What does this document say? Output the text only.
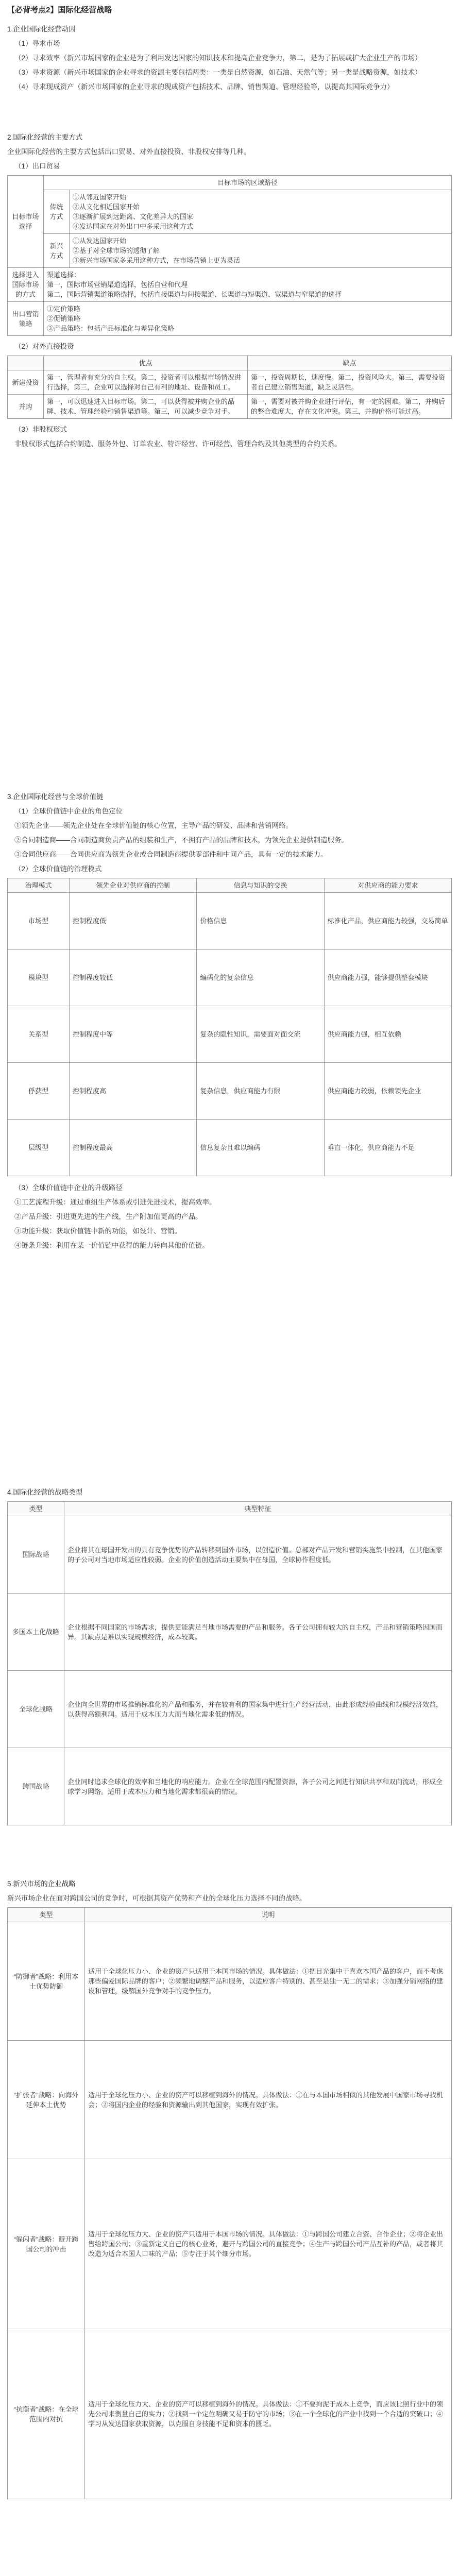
【必背考点2】国际化经营战略
1.企业国际化经营动因
（1）寻求市场
（2）寻求效率（新兴市场国家的企业是为了利用发达国家的知识技术和提高企业竞争力，第二，是为了拓展或扩大企业生产的市场）
（3）寻求资源（新兴市场国家的企业寻求的资源主要包括两类：一类是自然资源，如石油、天然气等；另一类是战略资源，如技术）
（4）寻求现成资产（新兴市场国家的企业寻求的现成资产包括技术、品牌、销售渠道、管理经验等，以提高其国际竞争力）
2.国际化经营的主要方式
企业国际化经营的主要方式包括出口贸易、对外直接投资、非股权安排等几种。
（1）出口贸易
目标市场选择	目标市场的区域路径	
	传统方式	①从邻近国家开始
②从文化相近国家开始
③逐渐扩展到远距离、文化差异大的国家
④发达国家在对外出口中多采用这种方式

	新兴方式	①从发达国家开始
②基于对全球市场的透彻了解
③新兴市场国家多采用这种方式，在市场营销上更为灵活

选择进入国际市场的方式	渠道选择：
第一，国际市场营销渠道选择，包括自营和代理
第二，国际营销渠道策略选择，包括直接渠道与间接渠道、长渠道与短渠道、宽渠道与窄渠道的选择	

出口营销策略	①定价策略
②促销策略
③产品策略：包括产品标准化与差异化策略	
（2）对外直接投资
	优点	缺点
新建投资	第一，管理者有充分的自主权。第二，投资者可以根据市场情况进行选择，第三，企业可以选择对自己有利的地址、设备和员工。	第一，投资周期长，速度慢。第二，投资风险大。第三，需要投资者自己建立销售渠道，缺乏灵活性。
并购	第一，可以迅速进入目标市场。第二，可以获得被并购企业的品牌、技术、管理经验和销售渠道等。第三，可以减少竞争对手。	第一，需要对被并购企业进行评估，有一定的困难。第二，并购后的整合难度大，存在文化冲突。第三，并购价格可能过高。
（3）非股权形式
非股权形式包括合约制造、服务外包、订单农业、特许经营、许可经营、管理合约及其他类型的合约关系。
3.企业国际化经营与全球价值链
（1）全球价值链中企业的角色定位
①领先企业——领先企业处在全球价值链的核心位置，主导产品的研发、品牌和营销网络。
②合同制造商——合同制造商负责产品的组装和生产，不拥有产品的品牌和技术，为领先企业提供制造服务。
③合同供应商——合同供应商为领先企业或合同制造商提供零部件和中间产品，具有一定的技术能力。
（2）全球价值链的治理模式
治理模式	领先企业对供应商的控制	信息与知识的交换	对供应商的能力要求
市场型	控制程度低	价格信息	标准化产品，供应商能力较强，交易简单
模块型	控制程度较低	编码化的复杂信息	供应商能力强，能够提供整套模块
关系型	控制程度中等	复杂的隐性知识，需要面对面交流	供应商能力强，相互依赖
俘获型	控制程度高	复杂信息，供应商能力有限	供应商能力较弱，依赖领先企业
层级型	控制程度最高	信息复杂且难以编码	垂直一体化，供应商能力不足
（3）全球价值链中企业的升级路径
①工艺流程升级：通过重组生产体系或引进先进技术，提高效率。
②产品升级：引进更先进的生产线，生产附加值更高的产品。
③功能升级：获取价值链中新的功能，如设计、营销。
④链条升级：利用在某一价值链中获得的能力转向其他价值链。
4.国际化经营的战略类型
类型	典型特征
国际战略	企业将其在母国开发出的具有竞争优势的产品转移到国外市场，以创造价值。总部对产品开发和营销实施集中控制，在其他国家的子公司对当地市场适应性较弱。企业的价值创造活动主要集中在母国，全球协作程度低。
多国本土化战略	企业根据不同国家的市场需求，提供更能满足当地市场需要的产品和服务。各子公司拥有较大的自主权，产品和营销策略因国而异。其缺点是难以实现规模经济，成本较高。
全球化战略	企业向全世界的市场推销标准化的产品和服务，并在较有利的国家集中进行生产经营活动，由此形成经验曲线和规模经济效益，以获得高额利润。适用于成本压力大而当地化需求低的情况。
跨国战略	企业同时追求全球化的效率和当地化的响应能力。企业在全球范围内配置资源，各子公司之间进行知识共享和双向流动，形成全球学习网络。适用于成本压力和当地化需求都很高的情况。
5.新兴市场的企业战略
新兴市场企业在面对跨国公司的竞争时，可根据其资产优势和产业的全球化压力选择不同的战略。
类型	说明
“防御者”战略：利用本土优势防御	适用于全球化压力小、企业的资产只适用于本国市场的情况。具体做法：①把目光集中于喜欢本国产品的客户，而不考虑那些偏爱国际品牌的客户；②频繁地调整产品和服务，以适应客户特别的、甚至是独一无二的需求；③加强分销网络的建设和管理，缓解国外竞争对手的竞争压力。
“扩张者”战略：向海外延伸本土优势	适用于全球化压力小、企业的资产可以移植到海外的情况。具体做法：①在与本国市场相似的其他发展中国家市场寻找机会；②将国内企业的经验和资源输出到其他国家，实现有效扩张。
“躲闪者”战略：避开跨国公司的冲击	适用于全球化压力大、企业的资产只适用于本国市场的情况。具体做法：①与跨国公司建立合资、合作企业；②将企业出售给跨国公司；③重新定义自己的核心业务，避开与跨国公司的直接竞争；④生产与跨国公司产品互补的产品，或者将其改造为适合本国人口味的产品；⑤专注于某个细分市场。
“抗衡者”战略：在全球范围内对抗	适用于全球化压力大、企业的资产可以移植到海外的情况。具体做法：①不要拘泥于成本上竞争，而应该比照行业中的领先公司来衡量自己的实力；②找到一个定位明确又易于防守的市场；③在一个全球化的产业中找到一个合适的突破口；④学习从发达国家获取资源，以克服自身技能不足和资本的匮乏。
